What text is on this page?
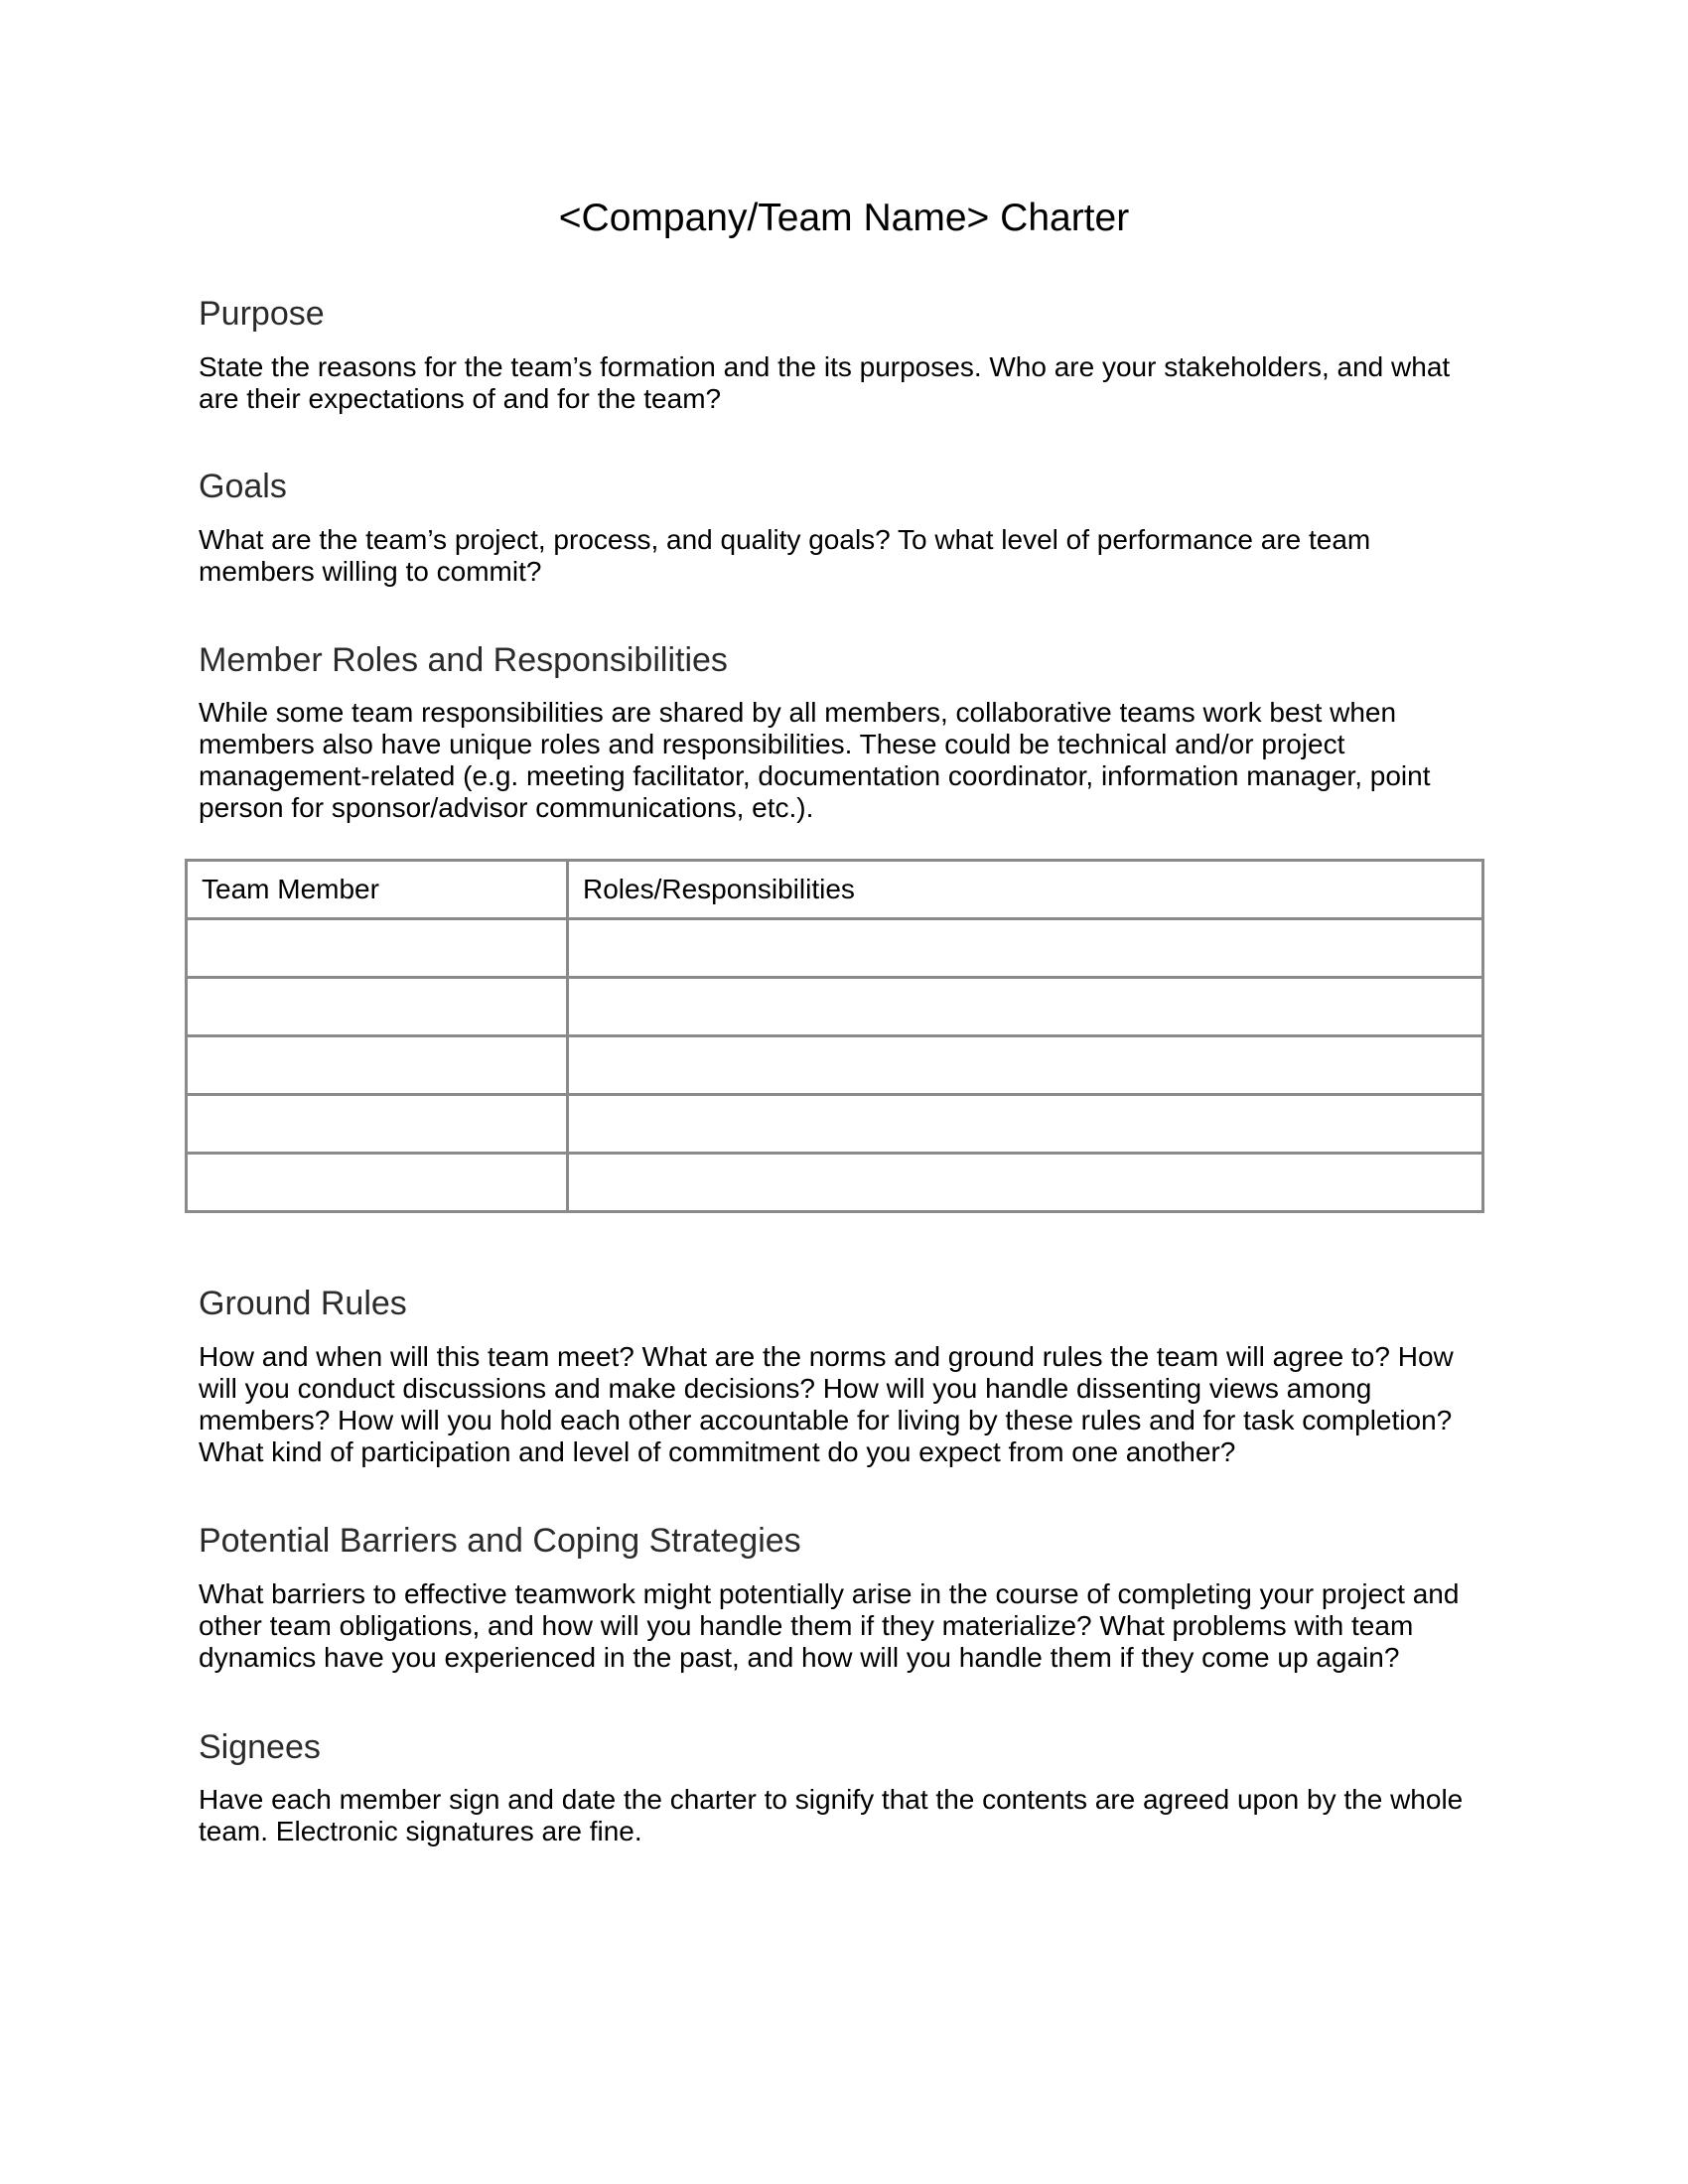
<Company/Team Name> Charter
Purpose

State the reasons for the team’s formation and the its purposes. Who are your stakeholders, and what are their expectations of and for the team?

Goals

What are the team’s project, process, and quality goals? To what level of performance are team members willing to commit?

Member Roles and Responsibilities

While some team responsibilities are shared by all members, collaborative teams work best when members also have unique roles and responsibilities. These could be technical and/or project management-related (e.g. meeting facilitator, documentation coordinator, information manager, point person for sponsor/advisor communications, etc.).

Team Member	Roles/Responsibilities

Ground Rules

How and when will this team meet? What are the norms and ground rules the team will agree to? How will you conduct discussions and make decisions? How will you handle dissenting views among members? How will you hold each other accountable for living by these rules and for task completion? What kind of participation and level of commitment do you expect from one another?

Potential Barriers and Coping Strategies

What barriers to effective teamwork might potentially arise in the course of completing your project and other team obligations, and how will you handle them if they materialize? What problems with team dynamics have you experienced in the past, and how will you handle them if they come up again?

Signees

Have each member sign and date the charter to signify that the contents are agreed upon by the whole team. Electronic signatures are fine.
